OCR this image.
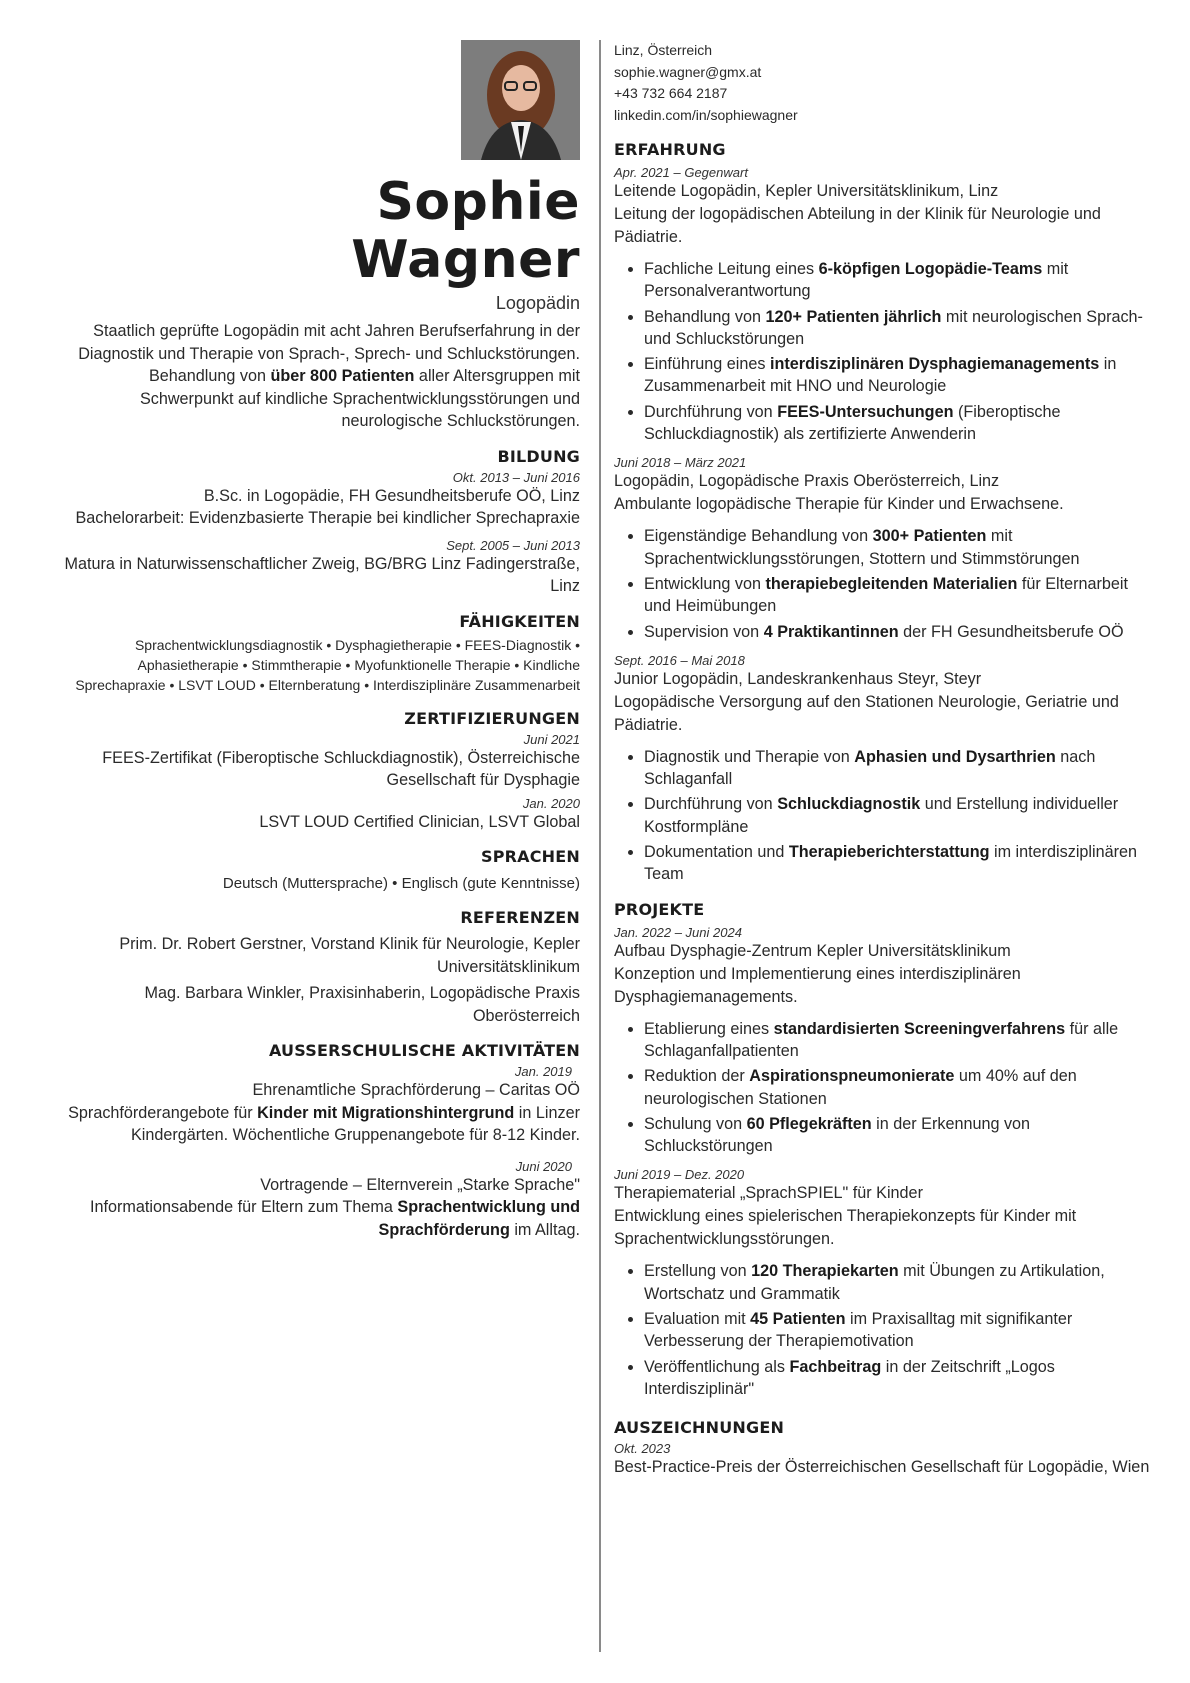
Sophie
Wagner
Logopädin
Staatlich geprüfte Logopädin mit acht Jahren Berufserfahrung in der Diagnostik und Therapie von Sprach-, Sprech- und Schluckstörungen. Behandlung von über 800 Patienten aller Altersgruppen mit Schwerpunkt auf kindliche Sprachentwicklungsstörungen und neurologische Schluckstörungen.
BILDUNG
Okt. 2013 – Juni 2016
B.Sc. in Logopädie, FH Gesundheitsberufe OÖ, Linz
Bachelorarbeit: Evidenzbasierte Therapie bei kindlicher Sprechapraxie
Sept. 2005 – Juni 2013
Matura in Naturwissenschaftlicher Zweig, BG/BRG Linz Fadingerstraße, Linz
FÄHIGKEITEN
Sprachentwicklungsdiagnostik • Dysphagietherapie • FEES-Diagnostik • Aphasietherapie • Stimmtherapie • Myofunktionelle Therapie • Kindliche Sprechapraxie • LSVT LOUD • Elternberatung • Interdisziplinäre Zusammenarbeit
ZERTIFIZIERUNGEN
Juni 2021
FEES-Zertifikat (Fiberoptische Schluckdiagnostik), Österreichische Gesellschaft für Dysphagie
Jan. 2020
LSVT LOUD Certified Clinician, LSVT Global
SPRACHEN
Deutsch (Muttersprache) • Englisch (gute Kenntnisse)
REFERENZEN
Prim. Dr. Robert Gerstner, Vorstand Klinik für Neurologie, Kepler Universitätsklinikum
Mag. Barbara Winkler, Praxisinhaberin, Logopädische Praxis Oberösterreich
AUSSERSCHULISCHE AKTIVITÄTEN
Jan. 2019
Ehrenamtliche Sprachförderung – Caritas OÖ
Sprachförderangebote für Kinder mit Migrationshintergrund in Linzer Kindergärten. Wöchentliche Gruppenangebote für 8-12 Kinder.
Juni 2020
Vortragende – Elternverein „Starke Sprache"
Informationsabende für Eltern zum Thema Sprachentwicklung und Sprachförderung im Alltag.
Linz, Österreich
sophie.wagner@gmx.at
+43 732 664 2187
linkedin.com/in/sophiewagner
ERFAHRUNG
Apr. 2021 – Gegenwart
Leitende Logopädin, Kepler Universitätsklinikum, Linz
Leitung der logopädischen Abteilung in der Klinik für Neurologie und Pädiatrie.
• Fachliche Leitung eines 6-köpfigen Logopädie-Teams mit Personalverantwortung
• Behandlung von 120+ Patienten jährlich mit neurologischen Sprach- und Schluckstörungen
• Einführung eines interdisziplinären Dysphagiemanagements in Zusammenarbeit mit HNO und Neurologie
• Durchführung von FEES-Untersuchungen (Fiberoptische Schluckdiagnostik) als zertifizierte Anwenderin
Juni 2018 – März 2021
Logopädin, Logopädische Praxis Oberösterreich, Linz
Ambulante logopädische Therapie für Kinder und Erwachsene.
• Eigenständige Behandlung von 300+ Patienten mit Sprachentwicklungsstörungen, Stottern und Stimmstörungen
• Entwicklung von therapiebegleitenden Materialien für Elternarbeit und Heimübungen
• Supervision von 4 Praktikantinnen der FH Gesundheitsberufe OÖ
Sept. 2016 – Mai 2018
Junior Logopädin, Landeskrankenhaus Steyr, Steyr
Logopädische Versorgung auf den Stationen Neurologie, Geriatrie und Pädiatrie.
• Diagnostik und Therapie von Aphasien und Dysarthrien nach Schlaganfall
• Durchführung von Schluckdiagnostik und Erstellung individueller Kostformpläne
• Dokumentation und Therapieberichterstattung im interdisziplinären Team
PROJEKTE
Jan. 2022 – Juni 2024
Aufbau Dysphagie-Zentrum Kepler Universitätsklinikum
Konzeption und Implementierung eines interdisziplinären Dysphagiemanagements.
• Etablierung eines standardisierten Screeningverfahrens für alle Schlaganfallpatienten
• Reduktion der Aspirationspneumonierate um 40% auf den neurologischen Stationen
• Schulung von 60 Pflegekräften in der Erkennung von Schluckstörungen
Juni 2019 – Dez. 2020
Therapiematerial „SprachSPIEL" für Kinder
Entwicklung eines spielerischen Therapiekonzepts für Kinder mit Sprachentwicklungsstörungen.
• Erstellung von 120 Therapiekarten mit Übungen zu Artikulation, Wortschatz und Grammatik
• Evaluation mit 45 Patienten im Praxisalltag mit signifikanter Verbesserung der Therapiemotivation
• Veröffentlichung als Fachbeitrag in der Zeitschrift „Logos Interdisziplinär"
AUSZEICHNUNGEN
Okt. 2023
Best-Practice-Preis der Österreichischen Gesellschaft für Logopädie, Wien
